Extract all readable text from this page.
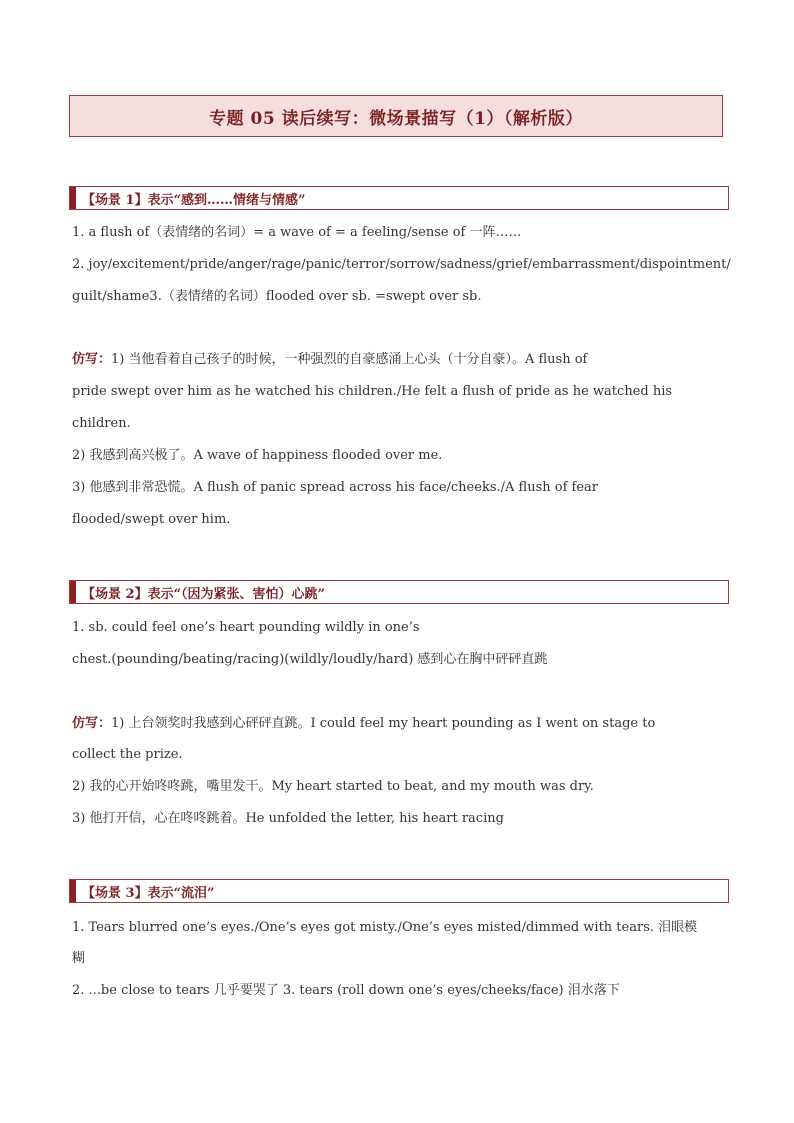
专题 05 读后续写：微场景描写（1）（解析版）
【场景 1】表示“感到……情绪与情感”
1. a flush of（表情绪的名词）= a wave of = a feeling/sense of 一阵……
2. joy/excitement/pride/anger/rage/panic/terror/sorrow/sadness/grief/embarrassment/dispointment/
guilt/shame3.（表情绪的名词）flooded over sb. =swept over sb.
仿写：1) 当他看着自己孩子的时候，一种强烈的自豪感涌上心头（十分自豪）。A flush of
pride swept over him as he watched his children./He felt a flush of pride as he watched his
children.
2) 我感到高兴极了。A wave of happiness flooded over me.
3) 他感到非常恐慌。A flush of panic spread across his face/cheeks./A flush of fear
flooded/swept over him.
【场景 2】表示“（因为紧张、害怕）心跳”
1. sb. could feel one’s heart pounding wildly in one’s
chest.(pounding/beating/racing)(wildly/loudly/hard) 感到心在胸中砰砰直跳
仿写：1) 上台领奖时我感到心砰砰直跳。I could feel my heart pounding as I went on stage to
collect the prize.
2) 我的心开始咚咚跳，嘴里发干。My heart started to beat, and my mouth was dry.
3) 他打开信，心在咚咚跳着。He unfolded the letter, his heart racing
【场景 3】表示“流泪”
1. Tears blurred one’s eyes./One’s eyes got misty./One’s eyes misted/dimmed with tears. 泪眼模
糊
2. ...be close to tears 几乎要哭了 3. tears (roll down one’s eyes/cheeks/face) 泪水落下
